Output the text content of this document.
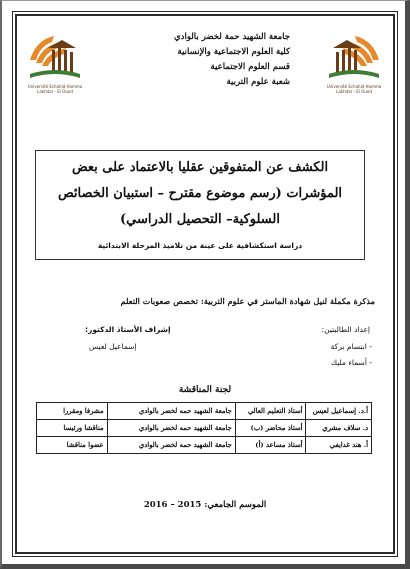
Université Echahid Hamma Lakhdar - El Oued
Université Echahid Hamma Lakhdar - El Oued
جامعة الشهيد حمة لخضر بالوادي
كلية العلوم الاجتماعية والإنسانية
قسم العلوم الاجتماعية
شعبة علوم التربية
الكشف عن المتفوقين عقليا بالاعتماد على بعض
المؤشرات (رسم موضوع مقترح – استبيان الخصائص
السلوكية– التحصيل الدراسي)
دراسة استكشافية على عينة من تلاميذ المرحلة الابتدائية
مذكرة مكملة لنيل شهادة الماستر في علوم التربية: تخصص صعوبات التعلم
إعداد الطالبتين:
- ابتسام بركة
- أسماء مليك
إشراف الأستاذ الدكتور:
إسماعيل لعيس
لجنة المناقشة
أ.د. إسماعيل لعيس	أستاذ التعليم العالي	جامعة الشهيد حمه لخضر بالوادي	مشرفا ومقررا
د. سلاف مشري	أستاذ محاضر (ب)	جامعة الشهيد حمه لخضر بالوادي	مناقشا ورئيسا
أ. هند غدايفي	أستاذ مساعد (أ)	جامعة الشهيد حمه لخضر بالوادي	عضوا مناقشا
الموسم الجامعي: 2015 – 2016
